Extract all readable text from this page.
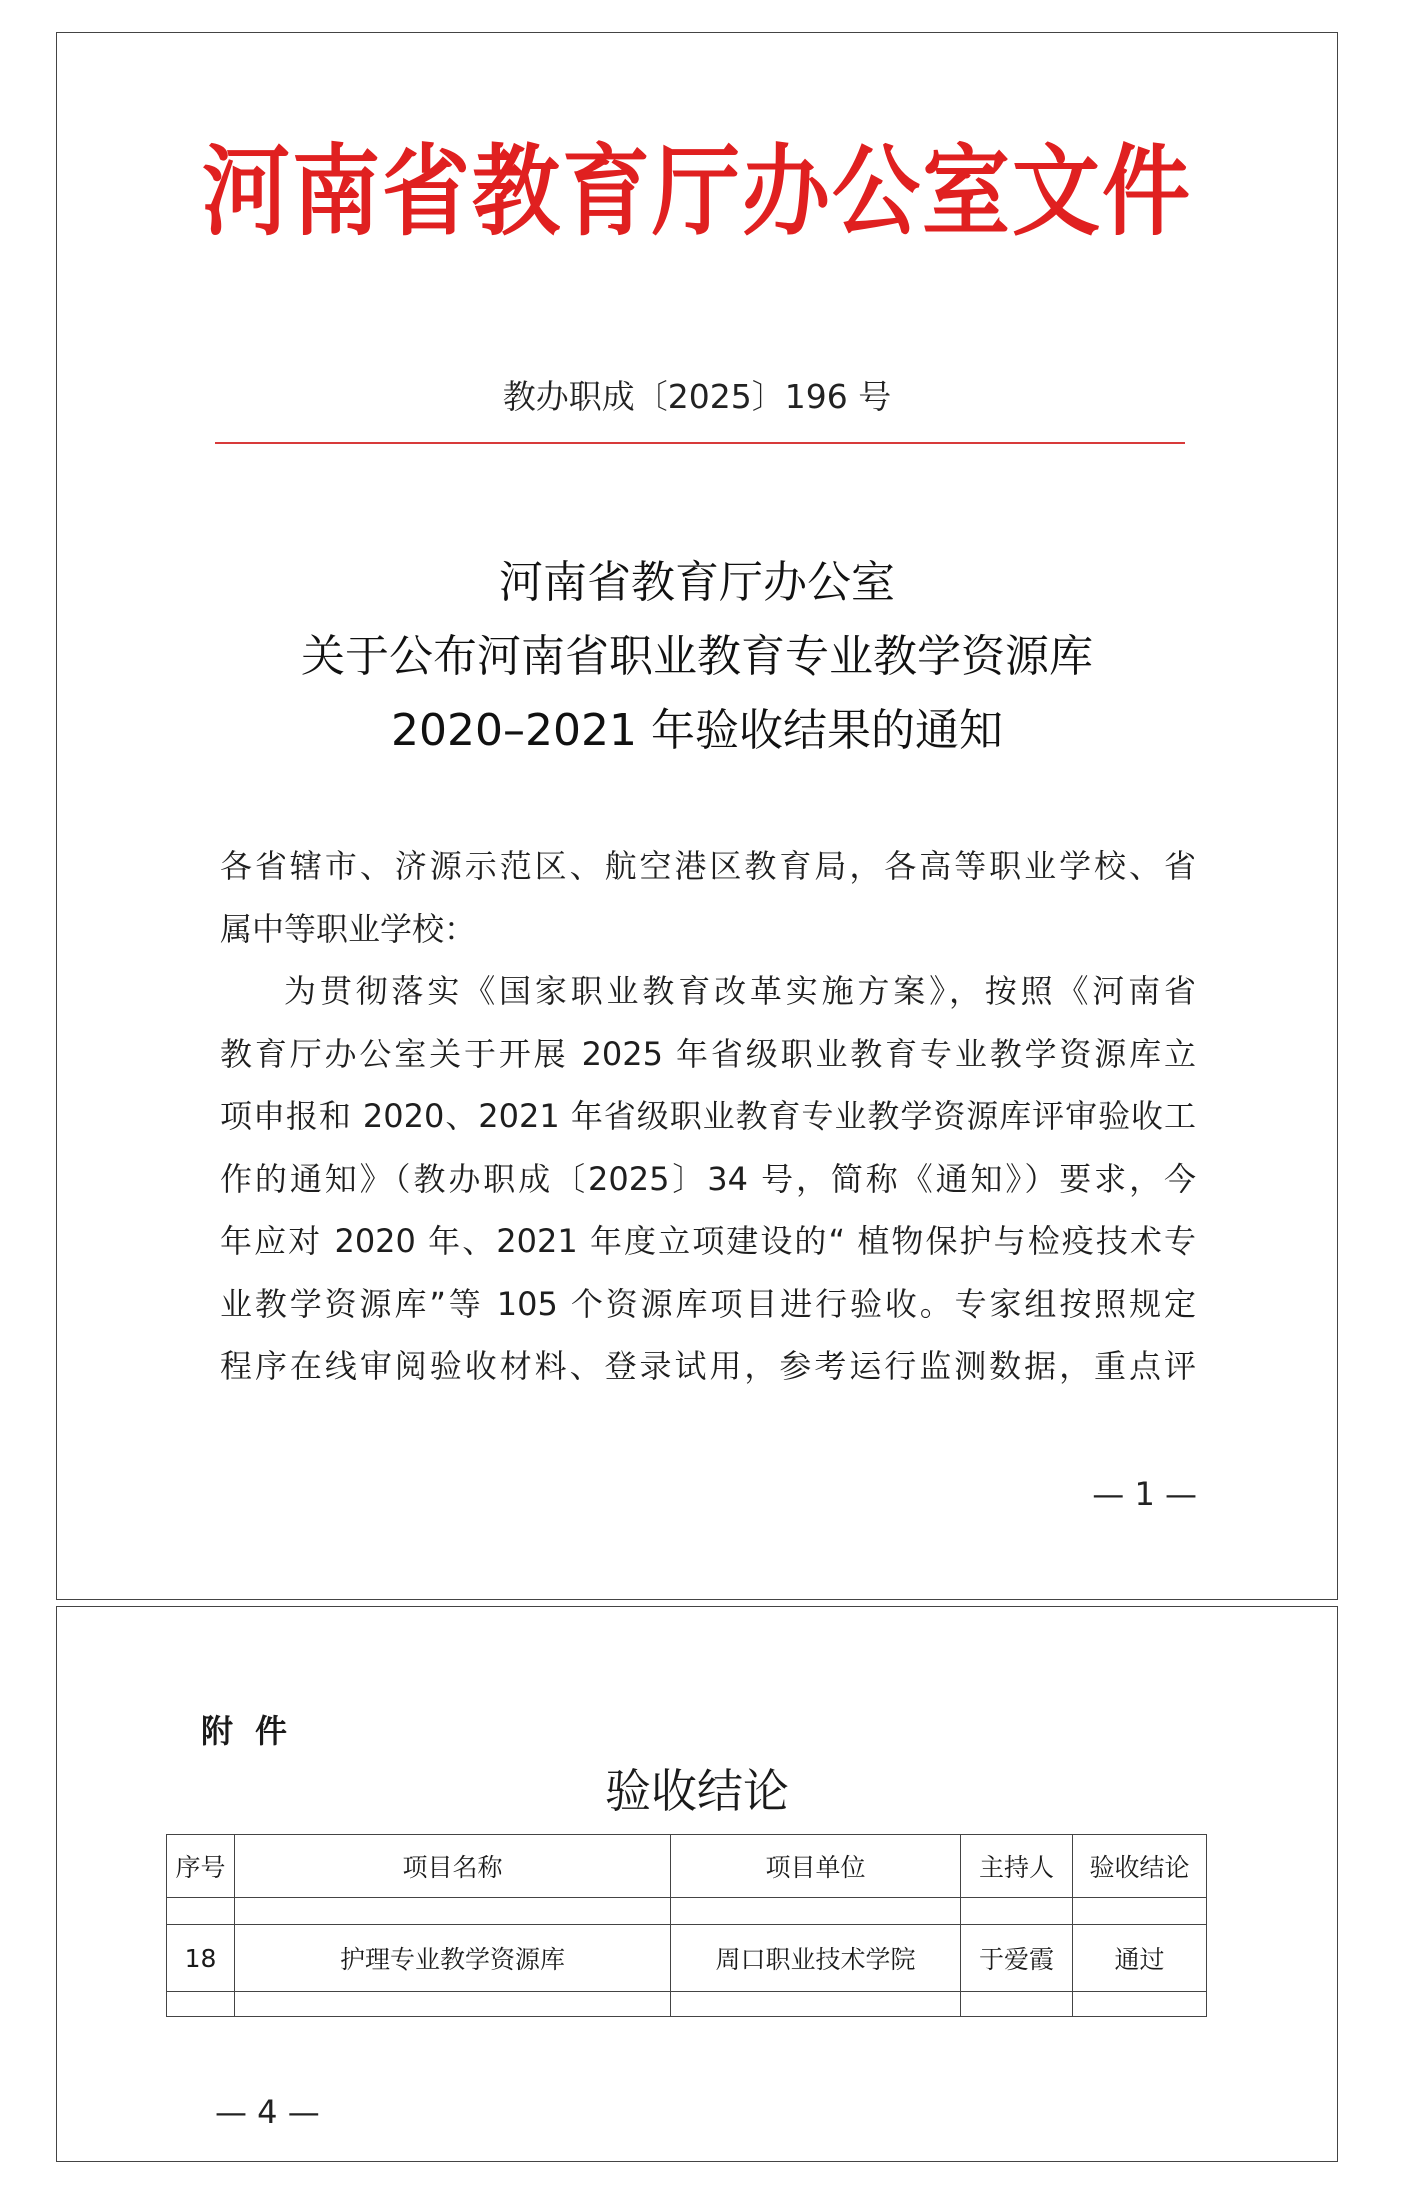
河南省教育厅办公室文件
教办职成〔2025〕196 号
河南省教育厅办公室
关于公布河南省职业教育专业教学资源库
2020–2021 年验收结果的通知

各省辖市、济源示范区、航空港区教育局，各高等职业学校、省

属中等职业学校：

为贯彻落实《国家职业教育改革实施方案》，按照《河南省

教育厅办公室关于开展 2025 年省级职业教育专业教学资源库立

项申报和 2020、2021 年省级职业教育专业教学资源库评审验收工

作的通知》（教办职成〔2025〕34 号，简称《通知》）要求，今

年应对 2020 年、2021 年度立项建设的“ 植物保护与检疫技术专

业教学资源库”等 105 个资源库项目进行验收。专家组按照规定

程序在线审阅验收材料、登录试用，参考运行监测数据，重点评

— 1 —
附件
验收结论
序号	项目名称	项目单位	主持人	验收结论

18	护理专业教学资源库	周口职业技术学院	于爱霞	通过

— 4 —
